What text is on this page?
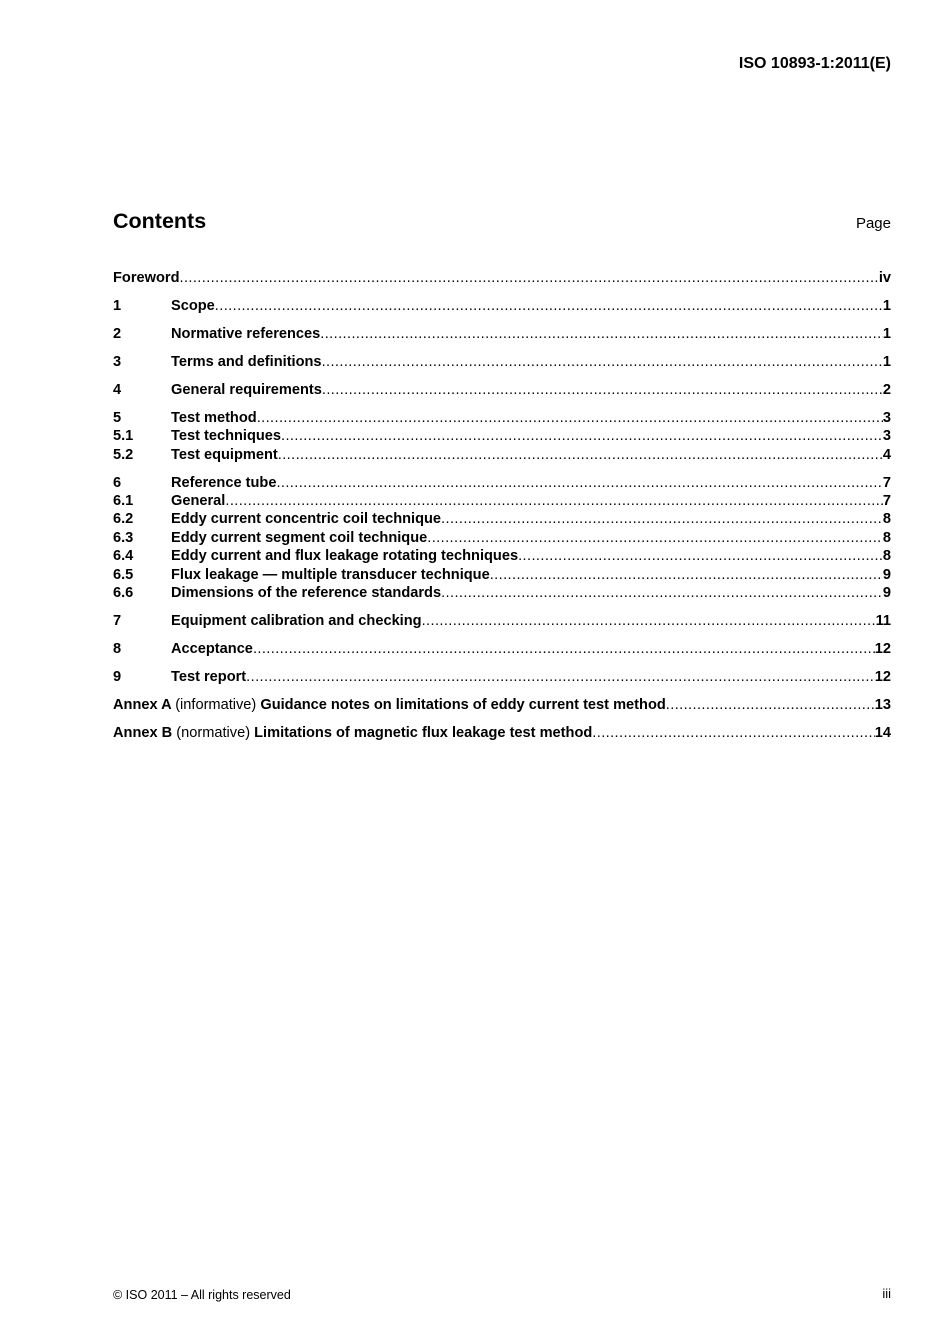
ISO 10893-1:2011(E)
Contents	Page
Foreword .....	iv
1	Scope .....	1
2	Normative references .....	1
3	Terms and definitions .....	1
4	General requirements .....	2
5	Test method .....	3
5.1	Test techniques .....	3
5.2	Test equipment .....	4
6	Reference tube .....	7
6.1	General .....	7
6.2	Eddy current concentric coil technique .....	8
6.3	Eddy current segment coil technique .....	8
6.4	Eddy current and flux leakage rotating techniques .....	8
6.5	Flux leakage — multiple transducer technique .....	9
6.6	Dimensions of the reference standards .....	9
7	Equipment calibration and checking .....	11
8	Acceptance .....	12
9	Test report .....	12
Annex A (informative) Guidance notes on limitations of eddy current test method .....	13
Annex B (normative) Limitations of magnetic flux leakage test method .....	14
© ISO 2011 – All rights reserved	iii
